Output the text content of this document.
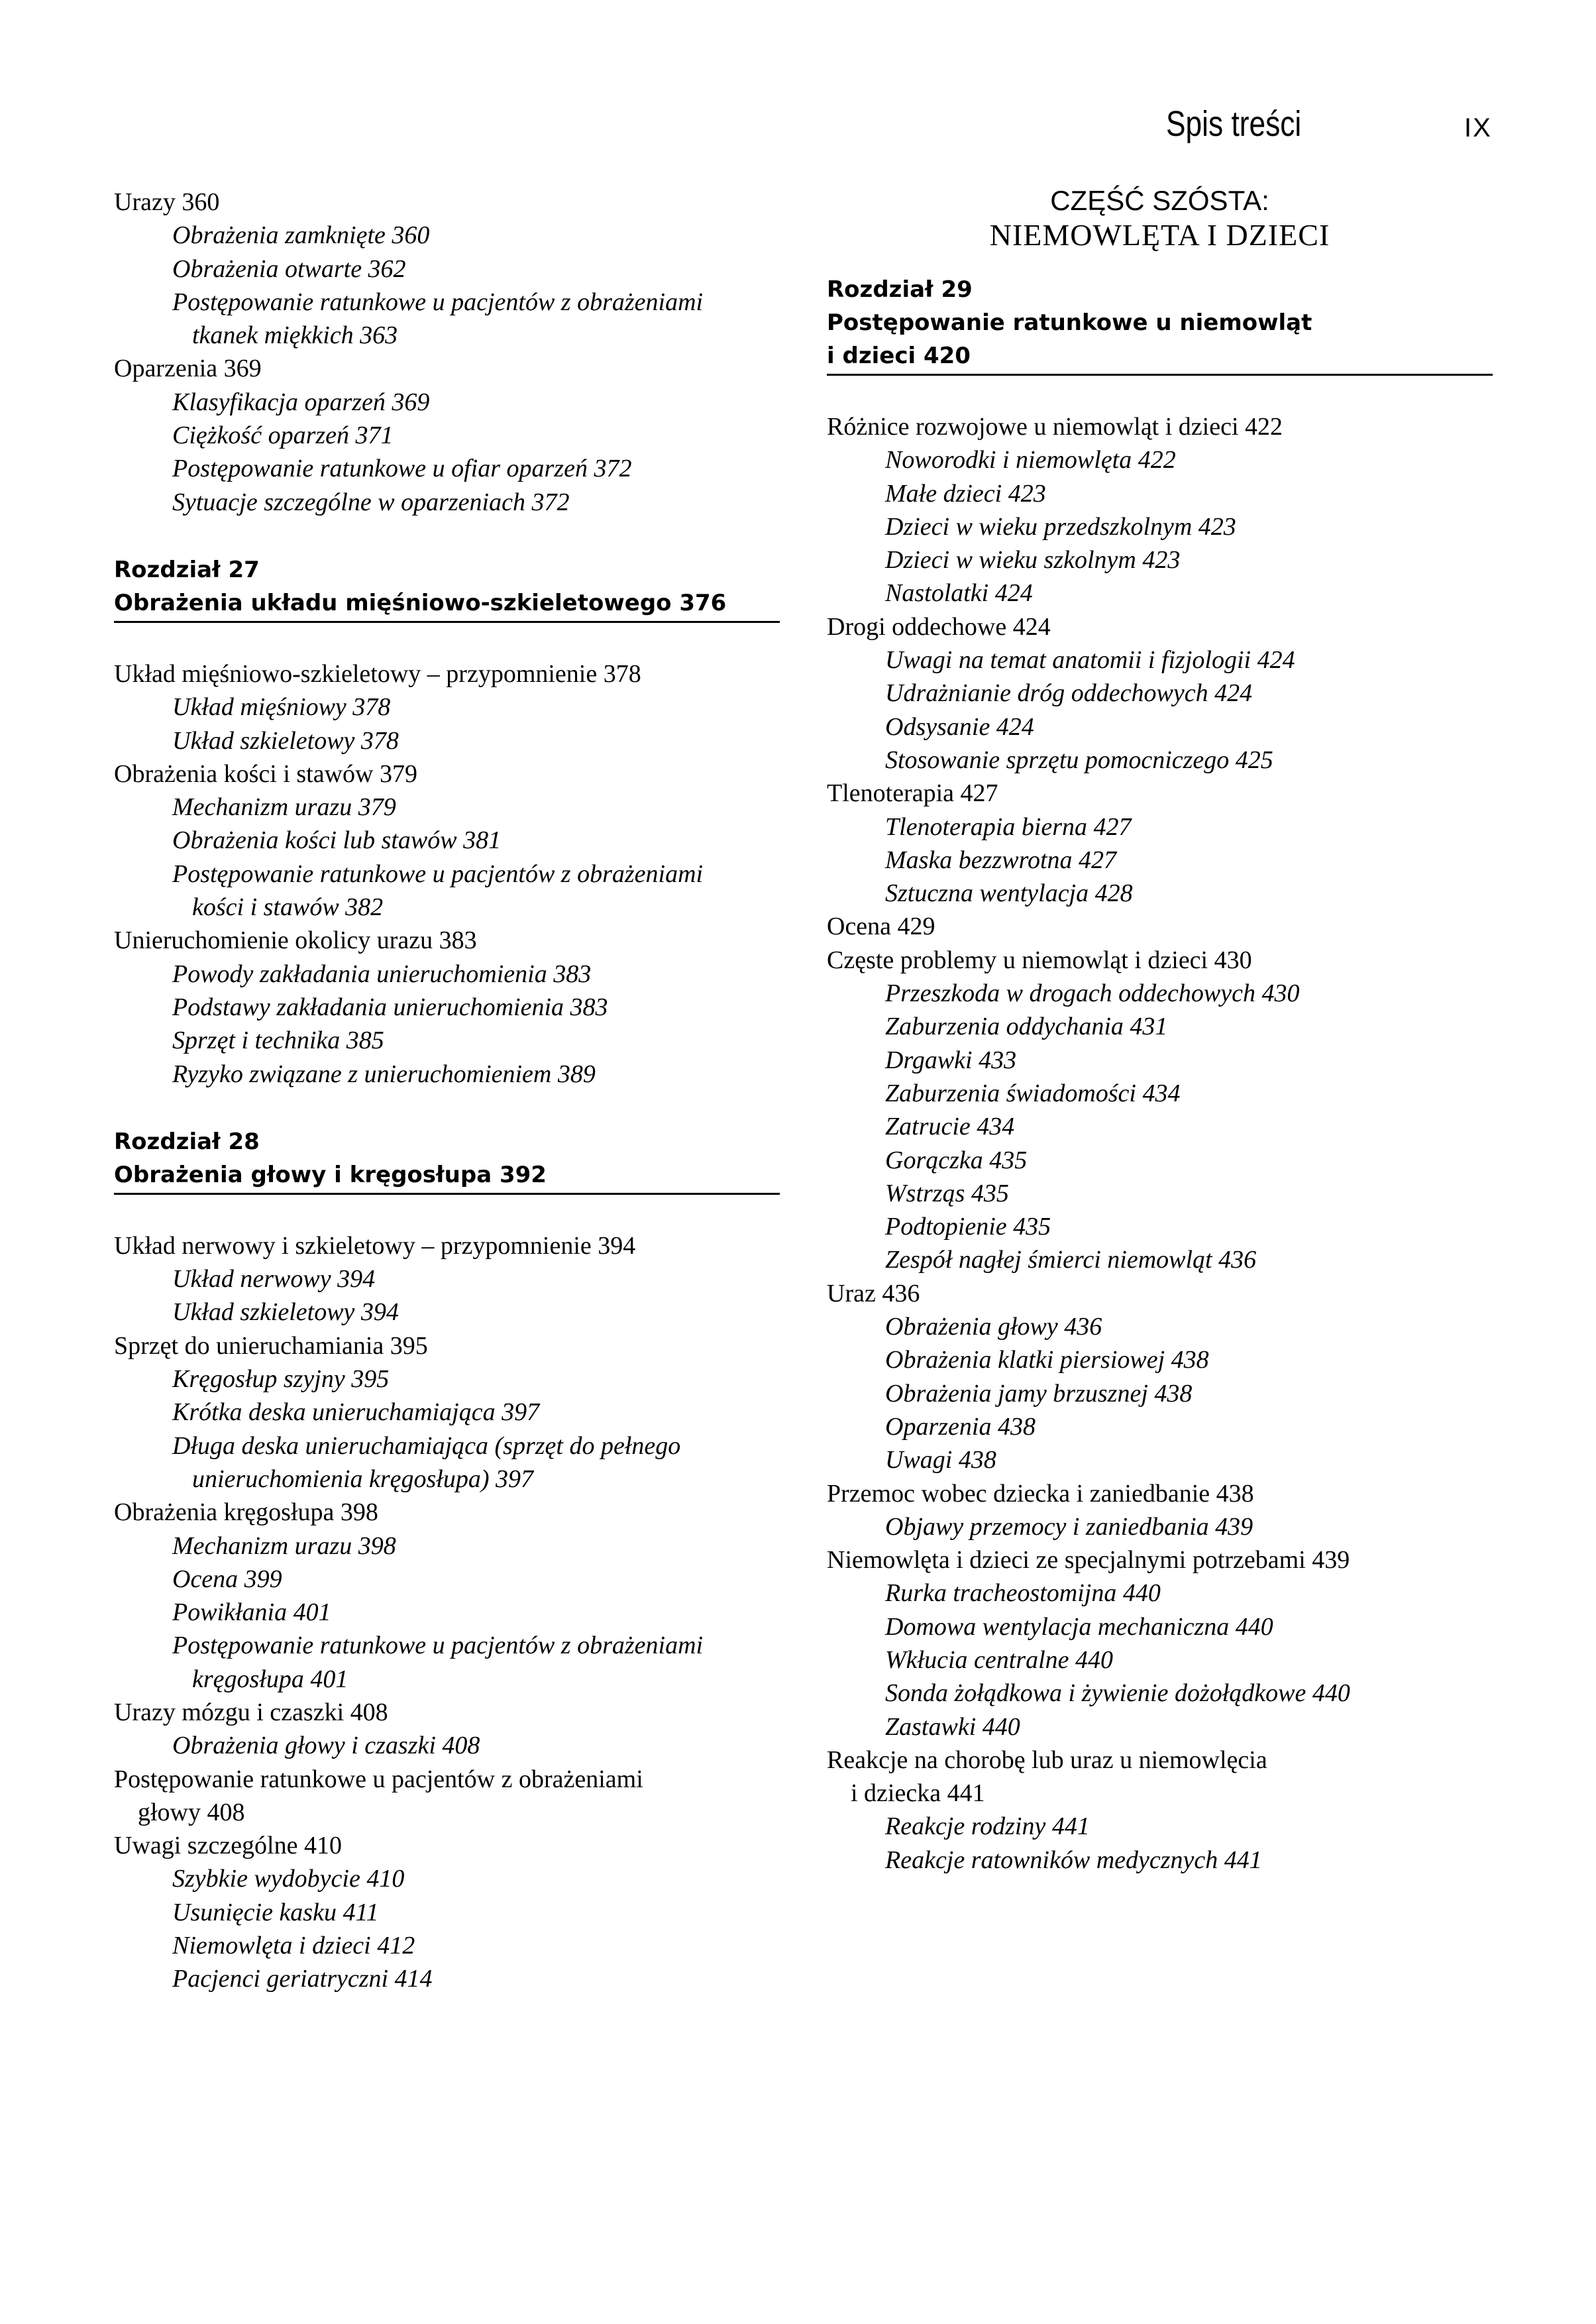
Spis treści	IX
Urazy 360
Obrażenia zamknięte 360
Obrażenia otwarte 362
Postępowanie ratunkowe u pacjentów z obrażeniami
tkanek miękkich 363
Oparzenia 369
Klasyfikacja oparzeń 369
Ciężkość oparzeń 371
Postępowanie ratunkowe u ofiar oparzeń 372
Sytuacje szczególne w oparzeniach 372
Rozdział 27
Obrażenia układu mięśniowo-szkieletowego 376
Układ mięśniowo-szkieletowy – przypomnienie 378
Układ mięśniowy 378
Układ szkieletowy 378
Obrażenia kości i stawów 379
Mechanizm urazu 379
Obrażenia kości lub stawów 381
Postępowanie ratunkowe u pacjentów z obrażeniami
kości i stawów 382
Unieruchomienie okolicy urazu 383
Powody zakładania unieruchomienia 383
Podstawy zakładania unieruchomienia 383
Sprzęt i technika 385
Ryzyko związane z unieruchomieniem 389
Rozdział 28
Obrażenia głowy i kręgosłupa 392
Układ nerwowy i szkieletowy – przypomnienie 394
Układ nerwowy 394
Układ szkieletowy 394
Sprzęt do unieruchamiania 395
Kręgosłup szyjny 395
Krótka deska unieruchamiająca 397
Długa deska unieruchamiająca (sprzęt do pełnego
unieruchomienia kręgosłupa) 397
Obrażenia kręgosłupa 398
Mechanizm urazu 398
Ocena 399
Powikłania 401
Postępowanie ratunkowe u pacjentów z obrażeniami
kręgosłupa 401
Urazy mózgu i czaszki 408
Obrażenia głowy i czaszki 408
Postępowanie ratunkowe u pacjentów z obrażeniami
głowy 408
Uwagi szczególne 410
Szybkie wydobycie 410
Usunięcie kasku 411
Niemowlęta i dzieci 412
Pacjenci geriatryczni 414
CZĘŚĆ SZÓSTA:
NIEMOWLĘTA I DZIECI
Rozdział 29
Postępowanie ratunkowe u niemowląt
i dzieci 420
Różnice rozwojowe u niemowląt i dzieci 422
Noworodki i niemowlęta 422
Małe dzieci 423
Dzieci w wieku przedszkolnym 423
Dzieci w wieku szkolnym 423
Nastolatki 424
Drogi oddechowe 424
Uwagi na temat anatomii i fizjologii 424
Udrażnianie dróg oddechowych 424
Odsysanie 424
Stosowanie sprzętu pomocniczego 425
Tlenoterapia 427
Tlenoterapia bierna 427
Maska bezzwrotna 427
Sztuczna wentylacja 428
Ocena 429
Częste problemy u niemowląt i dzieci 430
Przeszkoda w drogach oddechowych 430
Zaburzenia oddychania 431
Drgawki 433
Zaburzenia świadomości 434
Zatrucie 434
Gorączka 435
Wstrząs 435
Podtopienie 435
Zespół nagłej śmierci niemowląt 436
Uraz 436
Obrażenia głowy 436
Obrażenia klatki piersiowej 438
Obrażenia jamy brzusznej 438
Oparzenia 438
Uwagi 438
Przemoc wobec dziecka i zaniedbanie 438
Objawy przemocy i zaniedbania 439
Niemowlęta i dzieci ze specjalnymi potrzebami 439
Rurka tracheostomijna 440
Domowa wentylacja mechaniczna 440
Wkłucia centralne 440
Sonda żołądkowa i żywienie dożołądkowe 440
Zastawki 440
Reakcje na chorobę lub uraz u niemowlęcia
i dziecka 441
Reakcje rodziny 441
Reakcje ratowników medycznych 441
